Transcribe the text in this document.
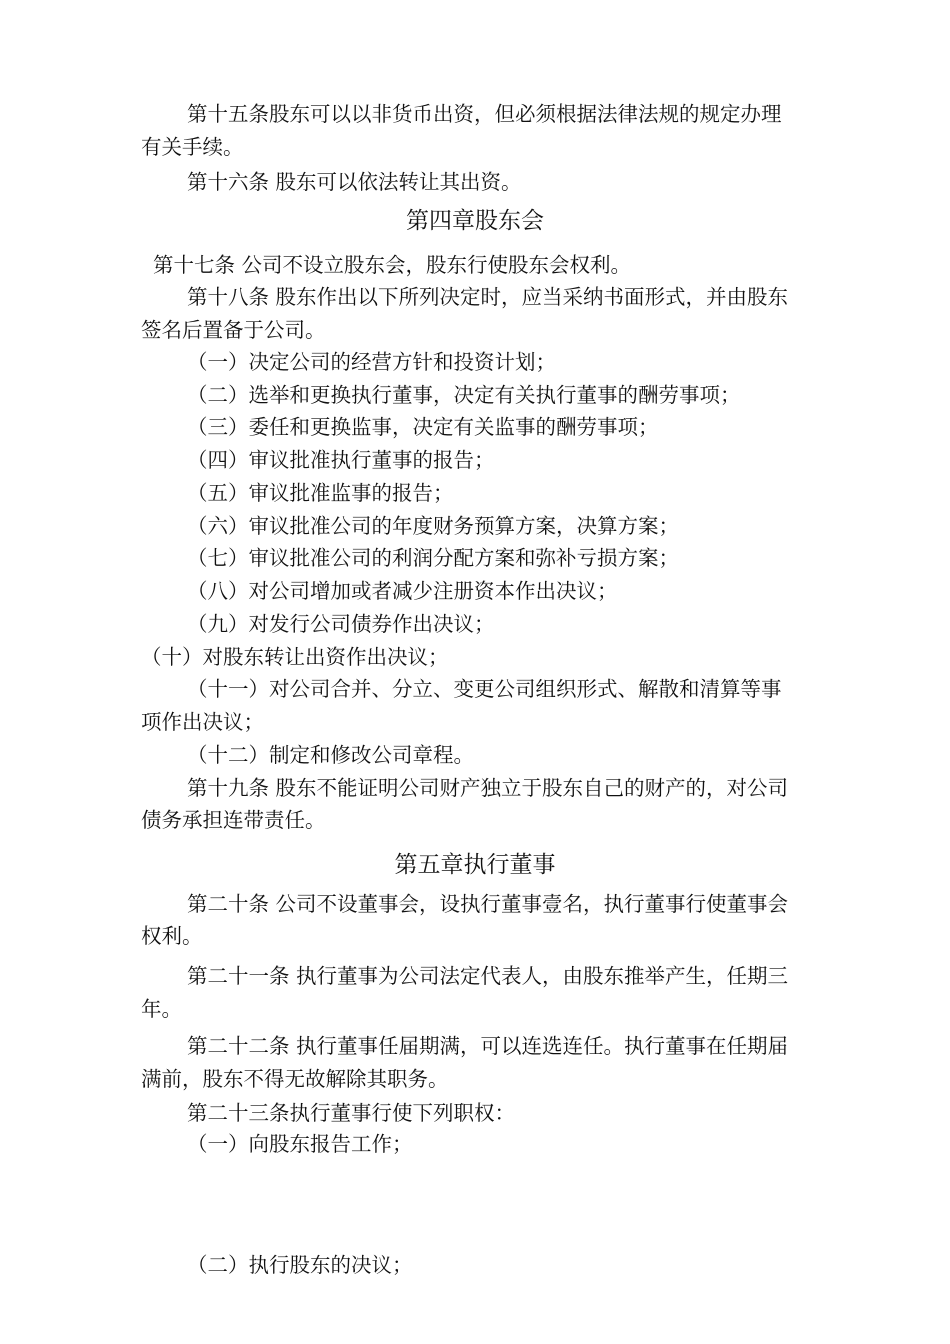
第十五条股东可以以非货币出资，但必须根据法律法规的规定办理
有关手续。
第十六条 股东可以依法转让其出资。
第四章股东会
第十七条 公司不设立股东会，股东行使股东会权利。
第十八条 股东作出以下所列决定时，应当采纳书面形式，并由股东
签名后置备于公司。
（一）决定公司的经营方针和投资计划；
（二）选举和更换执行董事，决定有关执行董事的酬劳事项；
（三）委任和更换监事，决定有关监事的酬劳事项；
（四）审议批准执行董事的报告；
（五）审议批准监事的报告；
（六）审议批准公司的年度财务预算方案，决算方案；
（七）审议批准公司的利润分配方案和弥补亏损方案；
（八）对公司增加或者减少注册资本作出决议；
（九）对发行公司债券作出决议；
（十）对股东转让出资作出决议；
（十一）对公司合并、分立、变更公司组织形式、解散和清算等事
项作出决议；
（十二）制定和修改公司章程。
第十九条 股东不能证明公司财产独立于股东自己的财产的，对公司
债务承担连带责任。
第五章执行董事
第二十条 公司不设董事会，设执行董事壹名，执行董事行使董事会
权利。
第二十一条 执行董事为公司法定代表人，由股东推举产生，任期三
年。
第二十二条 执行董事任届期满，可以连选连任。执行董事在任期届
满前，股东不得无故解除其职务。
第二十三条执行董事行使下列职权：
（一）向股东报告工作；
（二）执行股东的决议；
